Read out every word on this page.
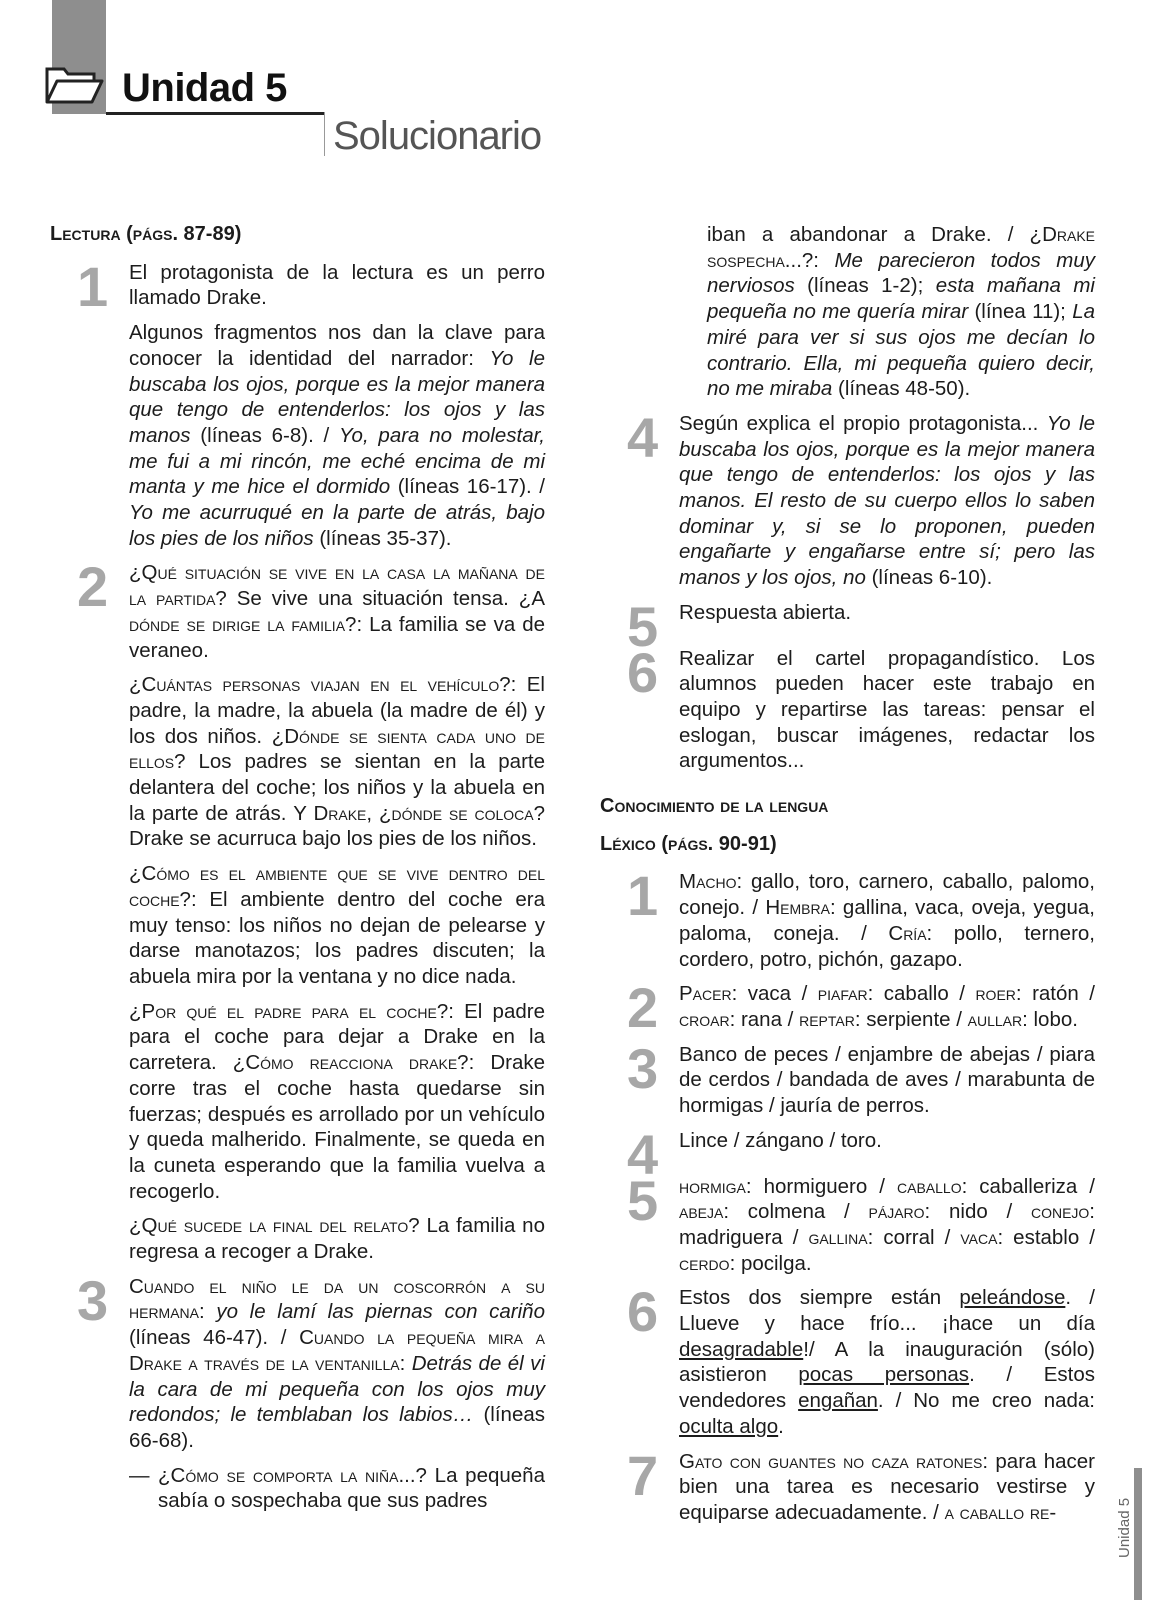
Unidad 5
Solucionario
Lectura (págs. 87-89)
1 El protagonista de la lectura es un perro llamado Drake.

Algunos fragmentos nos dan la clave para conocer la identidad del narrador: Yo le buscaba los ojos, porque es la mejor manera que tengo de entenderlos: los ojos y las manos (líneas 6-8). / Yo, para no molestar, me fui a mi rincón, me eché encima de mi manta y me hice el dormido (líneas 16-17). / Yo me acurruqué en la parte de atrás, bajo los pies de los niños (líneas 35-37).

2 ¿Qué situación se vive en la casa la mañana de la partida? Se vive una situación tensa. ¿A dónde se dirige la familia?: La familia se va de veraneo.

¿Cuántas personas viajan en el vehículo?: El padre, la madre, la abuela (la madre de él) y los dos niños. ¿Dónde se sienta cada uno de ellos? Los padres se sientan en la parte delantera del coche; los niños y la abuela en la parte de atrás. Y Drake, ¿dónde se coloca? Drake se acurruca bajo los pies de los niños.

¿Cómo es el ambiente que se vive dentro del coche?: El ambiente dentro del coche era muy tenso: los niños no dejan de pelearse y darse manotazos; los padres discuten; la abuela mira por la ventana y no dice nada.

¿Por qué el padre para el coche?: El padre para el coche para dejar a Drake en la carretera. ¿Cómo reacciona drake?: Drake corre tras el coche hasta quedarse sin fuerzas; después es arrollado por un vehículo y queda malherido. Finalmente, se queda en la cuneta esperando que la familia vuelva a recogerlo.

¿Qué sucede la final del relato? La familia no regresa a recoger a Drake.

3 Cuando el niño le da un coscorrón a su hermana: yo le lamí las piernas con cariño (líneas 46-47). / Cuando la pequeña mira a Drake a través de la ventanilla: Detrás de él vi la cara de mi pequeña con los ojos muy redondos; le temblaban los labios… (líneas 66-68).

— ¿Cómo se comporta la niña...? La pequeña sabía o sospechaba que sus padres

iban a abandonar a Drake. / ¿Drake sospecha...?: Me parecieron todos muy nerviosos (líneas 1-2); esta mañana mi pequeña no me quería mirar (línea 11); La miré para ver si sus ojos me decían lo contrario. Ella, mi pequeña quiero decir, no me miraba (líneas 48-50).

4 Según explica el propio protagonista... Yo le buscaba los ojos, porque es la mejor manera que tengo de entenderlos: los ojos y las manos. El resto de su cuerpo ellos lo saben dominar y, si se lo proponen, pueden engañarte y engañarse entre sí; pero las manos y los ojos, no (líneas 6-10).

5 Respuesta abierta.

6 Realizar el cartel propagandístico. Los alumnos pueden hacer este trabajo en equipo y repartirse las tareas: pensar el eslogan, buscar imágenes, redactar los argumentos...

Conocimiento de la lengua
Léxico (págs. 90-91)
1 Macho: gallo, toro, carnero, caballo, palomo, conejo. / Hembra: gallina, vaca, oveja, yegua, paloma, coneja. / Cría: pollo, ternero, cordero, potro, pichón, gazapo.

2 Pacer: vaca / piafar: caballo / roer: ratón / croar: rana / reptar: serpiente / aullar: lobo.

3 Banco de peces / enjambre de abejas / piara de cerdos / bandada de aves / marabunta de hormigas / jauría de perros.

4 Lince / zángano / toro.

5 hormiga: hormiguero / caballo: caballeriza / abeja: colmena / pájaro: nido / conejo: madriguera / gallina: corral / vaca: establo / cerdo: pocilga.

6 Estos dos siempre están peleándose. / Llueve y hace frío... ¡hace un día desagradable!/ A la inauguración (sólo) asistieron pocas personas. / Estos vendedores engañan. / No me creo nada: oculta algo.

7 Gato con guantes no caza ratones: para hacer bien una tarea es necesario vestirse y equiparse adecuadamente. / a caballo re-	Unidad 5
